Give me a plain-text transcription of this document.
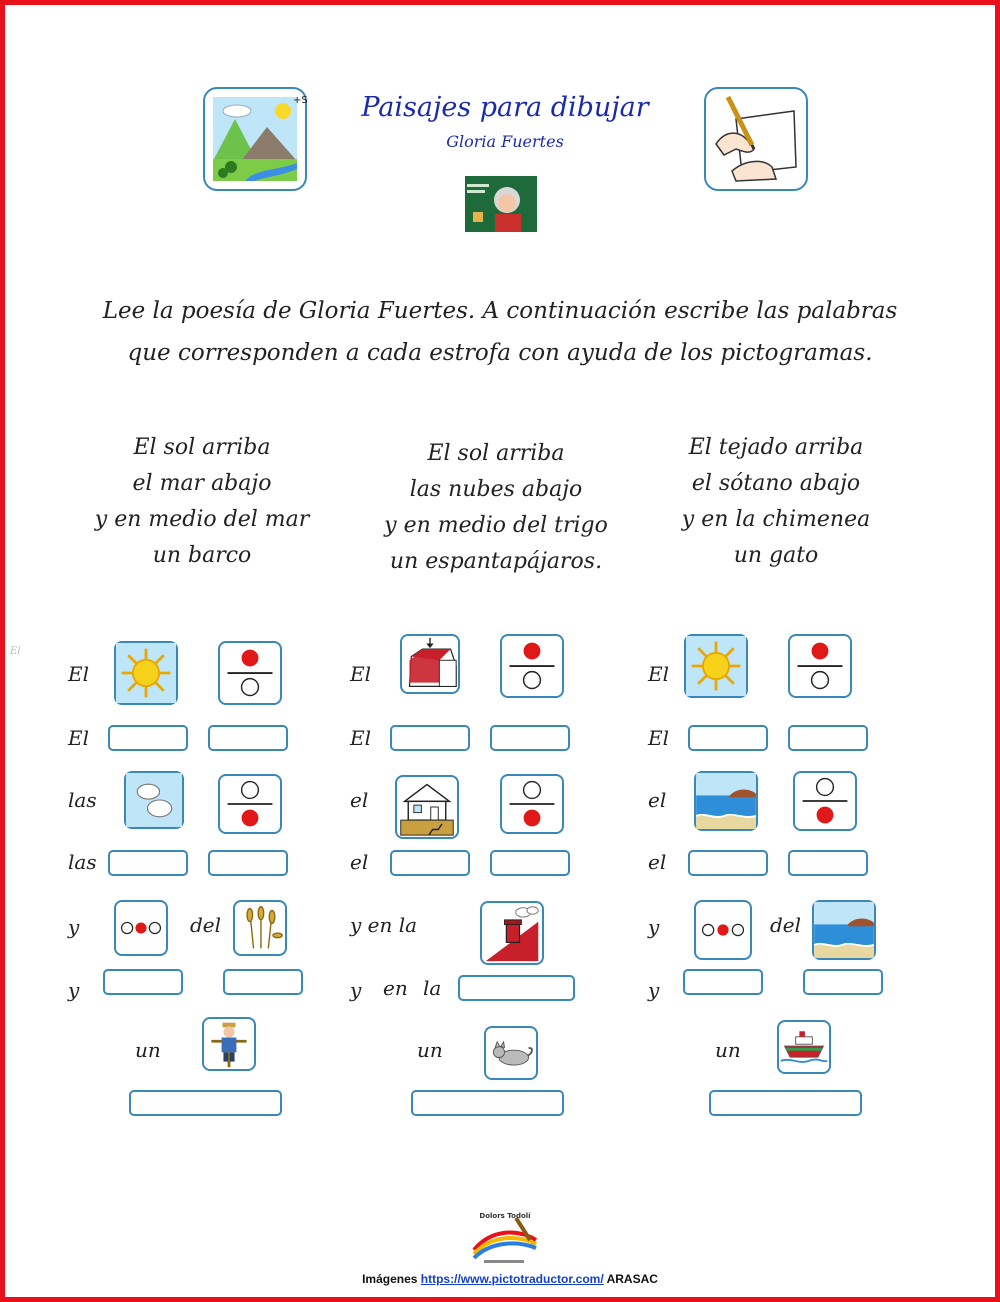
El
+S	Paisajes para dibujar
Gloria Fuertes
Lee la poesía de Gloria Fuertes. A continuación escribe las palabras
que corresponden a cada estrofa con ayuda de los pictogramas.
El sol arriba
el mar abajo
y en medio del mar
un barco
El sol arriba
las nubes abajo
y en medio del trigo
un espantapájaros.
El tejado arriba
el sótano abajo
y en la chimenea
un gato
El
El
las
las
y	del
y
un
El
El
el
el
y en la
y en la
un
El
El
el
el
y	del
y
un
Dolors Todolí
Imágenes https://www.pictotraductor.com/ ARASAC
